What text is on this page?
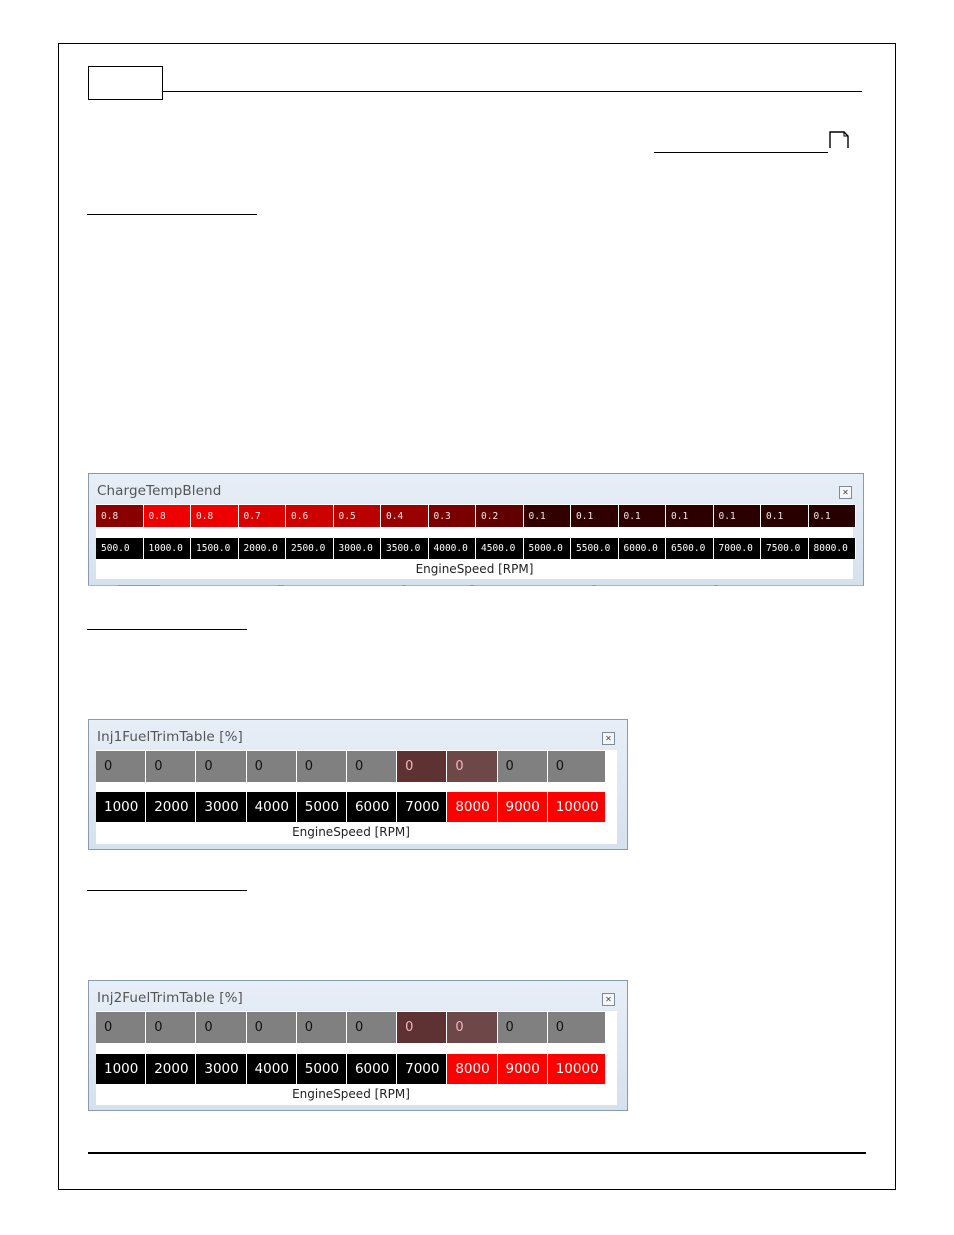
ChargeTempBlend	✕
0.8	0.8	0.8	0.7	0.6	0.5	0.4	0.3	0.2	0.1	0.1	0.1	0.1	0.1	0.1	0.1
500.0	1000.0	1500.0	2000.0	2500.0	3000.0	3500.0	4000.0	4500.0	5000.0	5500.0	6000.0	6500.0	7000.0	7500.0	8000.0
EngineSpeed [RPM]
Inj1FuelTrimTable [%]	✕
0	0	0	0	0	0	0	0	0	0
1000	2000	3000	4000	5000	6000	7000	8000	9000	10000
EngineSpeed [RPM]
Inj2FuelTrimTable [%]	✕
0	0	0	0	0	0	0	0	0	0
1000	2000	3000	4000	5000	6000	7000	8000	9000	10000
EngineSpeed [RPM]
